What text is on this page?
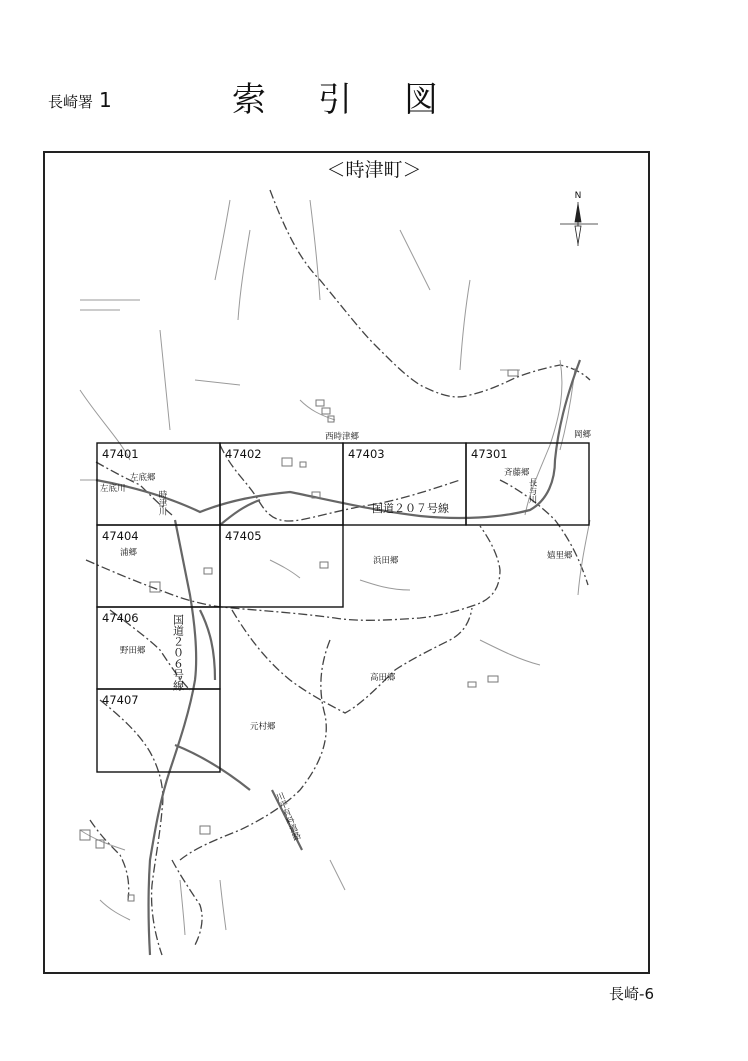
長崎署 1	索 引 図
＜時津町＞
N
47401	47402	47403	47301
47404	47405
47406
47407
西時津郷	岡郷
左底郷
左底川
斉藤郷
浦郷
浜田郷	嬉里郷
野田郷
高田郷
元村郷
時津川	長与川
国道２０７号線
国道２０６号線
川平有料道路
長崎-6
